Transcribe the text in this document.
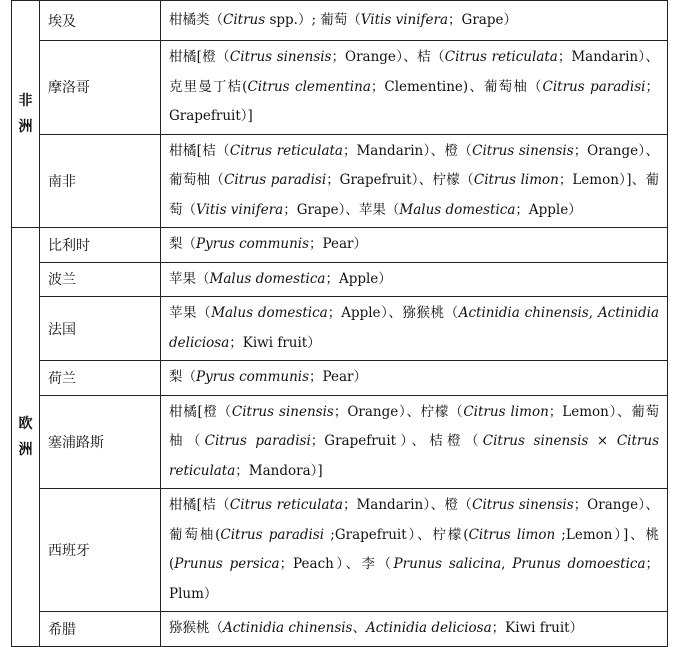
非
洲	埃及	柑橘类（Citrus spp.）; 葡萄（Vitis vinifera；Grape）
	摩洛哥	柑橘[橙（Citrus sinensis；Orange）、桔（Citrus reticulata；Mandarin）、克里曼丁桔(Citrus clementina；Clementine)、葡萄柚（Citrus paradisi；Grapefruit）]
	南非	柑橘[桔（Citrus reticulata；Mandarin）、橙（Citrus sinensis；Orange）、葡萄柚（Citrus paradisi；Grapefruit）、柠檬（Citrus limon；Lemon）]、葡萄（Vitis vinifera；Grape）、苹果（Malus domestica；Apple）

欧
洲	比利时	梨（Pyrus communis；Pear）
	波兰	苹果（Malus domestica；Apple）
	法国	苹果（Malus domestica；Apple）、猕猴桃（Actinidia chinensis, Actinidia deliciosa；Kiwi fruit）
	荷兰	梨（Pyrus communis；Pear）
	塞浦路斯	柑橘[橙（Citrus sinensis；Orange）、柠檬（Citrus limon；Lemon）、葡萄柚（Citrus paradisi；Grapefruit）、桔橙（Citrus sinensis × Citrus reticulata；Mandora）]
	西班牙	柑橘[桔（Citrus reticulata；Mandarin）、橙（Citrus sinensis；Orange）、葡萄柚(Citrus paradisi ;Grapefruit）、柠檬(Citrus limon ;Lemon）]、桃(Prunus persica；Peach）、李（Prunus salicina, Prunus domoestica；Plum）
	希腊	猕猴桃（Actinidia chinensis、Actinidia deliciosa；Kiwi fruit）
